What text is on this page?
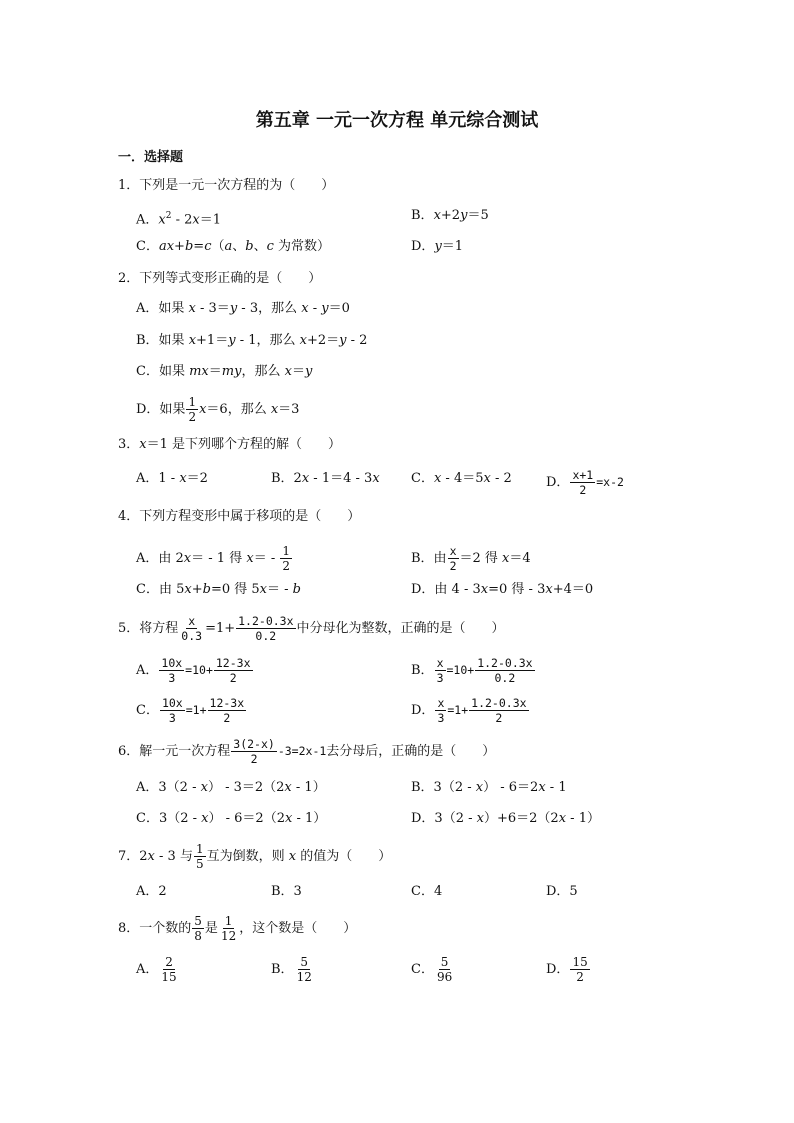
第五章 一元一次方程 单元综合测试
一．选择题
1．下列是一元一次方程的为（　　）
A．$x^2 - 2x=1$	B．x+2y＝5
C．ax+b=c（a、b、c 为常数）	D．y＝1
2．下列等式变形正确的是（　　）
A．如果 x - 3＝y - 3，那么 x - y＝0
B．如果 x+1＝y - 1，那么 x+2＝y - 2
C．如果 mx＝my，那么 x＝y
D．如果 $\frac{1}{2} x=6$，那么 x＝3
3．x＝1 是下列哪个方程的解（　　）
A．1 - x＝2	B．2x - 1＝4 - 3x C．x - 4＝5x - 2	D． $\frac{x+1}{2} =x-2$
4．下列方程变形中属于移项的是（　　）
A．由 2x＝ - 1 得 $x= - \frac{1}{2}$	B．由 $\frac{x}{2} =2$ 得 x＝4
C．由 5x+b=0 得 5x＝ - b	D．由 4 - 3x=0 得 - 3x+4＝0
5．将方程 $\frac{x}{0.3} =1+ \frac{1.2-0.3x}{0.2}$ 中分母化为整数，正确的是（　　）
A． $\frac{10x}{3} =10+ \frac{12-3x}{2}$	B． $\frac{x}{3} =10+ \frac{1.2-0.3x}{0.2}$
C． $\frac{10x}{3} =1+ \frac{12-3x}{2}$	D． $\frac{x}{3} =1+ \frac{1.2-0.3x}{2}$
6．解一元一次方程 $\frac{3(2-x)}{2} -3=2x-1$去分母后，正确的是（　　）
A．3（2 - x） - 3＝2（2x - 1）	B．3（2 - x） - 6＝2x - 1
C．3（2 - x） - 6＝2（2x - 1）	D．3（2 - x）+6＝2（2x - 1）
7．2x - 3 与 $\frac{1}{5}$ 互为倒数，则 x 的值为（　　）
A．2	B．3	C．4	D．5
8．一个数的 $\frac{5}{8}$ 是 $\frac{1}{12}$ ，这个数是（　　）
A． $\frac{2}{15}$	B． $\frac{5}{12}$	C． $\frac{5}{96}$	D． $\frac{15}{2}$
